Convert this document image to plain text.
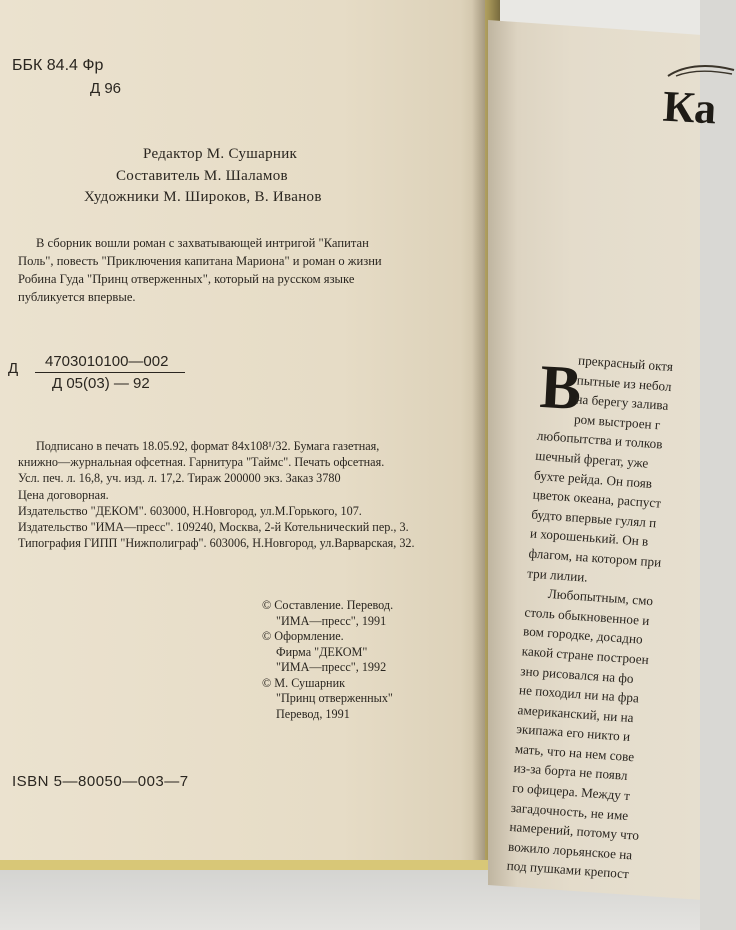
ББК 84.4 Фр
Д 96
Редактор М. Сушарник
Составитель М. Шаламов
Художники М. Широков, В. Иванов
В сборник вошли роман с захватывающей интригой "Капитан
Поль", повесть "Приключения капитана Мариона" и роман о жизни
Робина Гуда "Принц отверженных", который на русском языке
публикуется впервые.
Д 4703010100—002
Д 05(03) — 92
Подписано в печать 18.05.92, формат 84x108¹/32. Бумага газетная,
книжно—журнальная офсетная. Гарнитура "Таймс". Печать офсетная.
Усл. печ. л. 16,8, уч. изд. л. 17,2. Тираж 200000 экз. Заказ 3780
Цена договорная.
Издательство "ДЕКОМ". 603000, Н.Новгород, ул.М.Горького, 107.
Издательство "ИМА—пресс". 109240, Москва, 2-й Котельнический пер., 3.
Типография ГИПП "Нижполиграф". 603006, Н.Новгород, ул.Варварская, 32.
© Составление. Перевод.
"ИМА—пресс", 1991
© Оформление.
Фирма "ДЕКОМ"
"ИМА—пресс", 1992
© М. Сушарник
"Принц отверженных"
Перевод, 1991
ISBN 5—80050—003—7
Ка
В
прекрасный октя
пытные из небол
на берегу залива
ром выстроен г
любопытства и толков
шечный фрегат, уже
бухте рейда. Он появ
цветок океана, распуст
будто впервые гулял п
и хорошенький. Он в
флагом, на котором при
три лилии.
Любопытным, смо
столь обыкновенное и
вом городке, досадно
какой стране построен
зно рисовался на фо
не походил ни на фра
американский, ни на
экипажа его никто и
мать, что на нем сове
из-за борта не появл
го офицера. Между т
загадочность, не име
намерений, потому что
вожило лорьянское на
под пушками крепост
